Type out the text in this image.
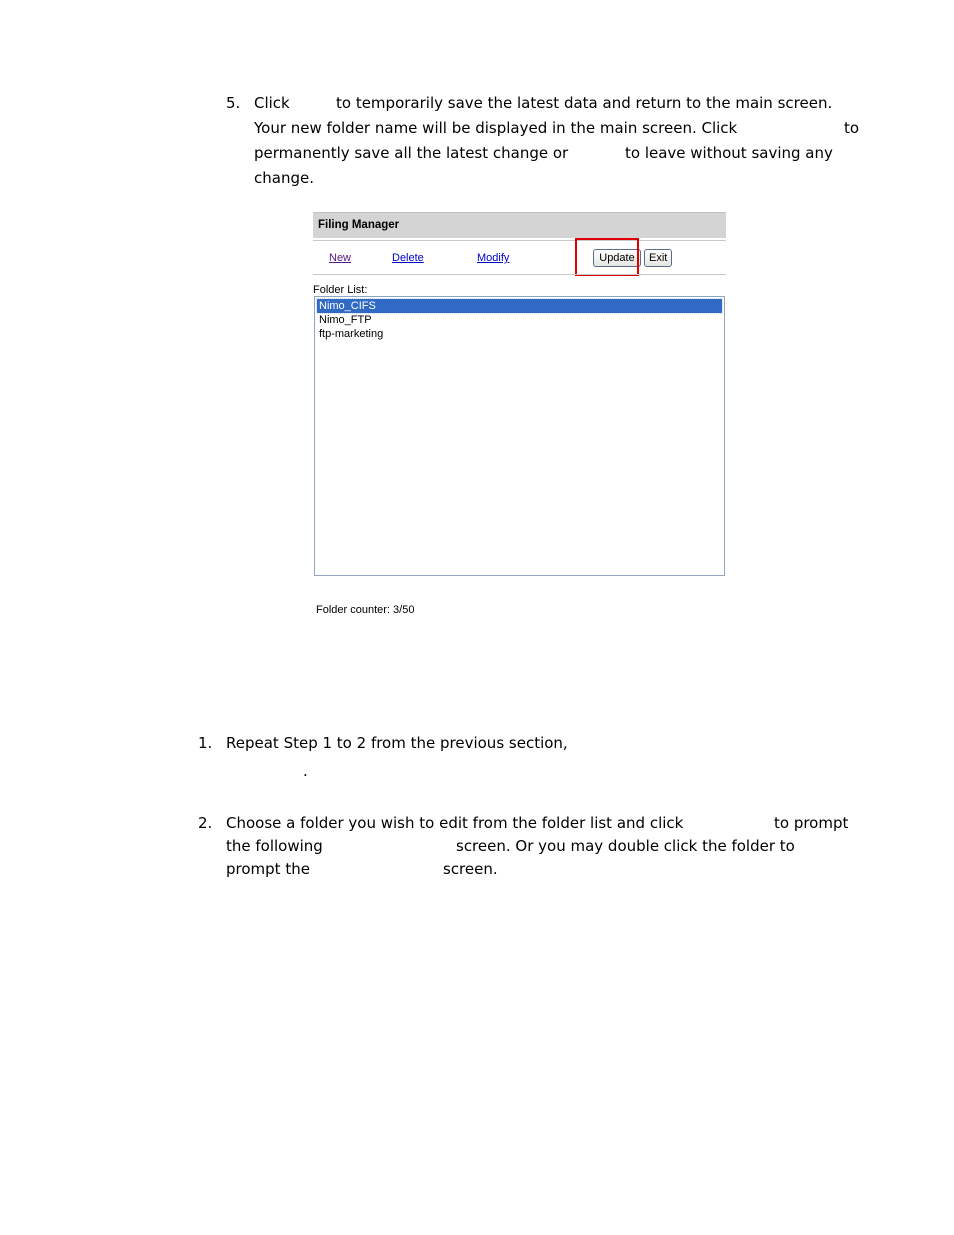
5. Click	to temporarily save the latest data and return to the main screen.
Your new folder name will be displayed in the main screen. Click	to
permanently save all the latest change or	to leave without saving any
change.
Filing Manager
New	Delete	Modify	Update	Exit
Folder List:
Nimo_CIFS
Nimo_FTP
ftp-marketing
Folder counter: 3/50
1. Repeat Step 1 to 2 from the previous section,
.
2. Choose a folder you wish to edit from the folder list and click	to prompt
the following	screen. Or you may double click the folder to
prompt the	screen.
